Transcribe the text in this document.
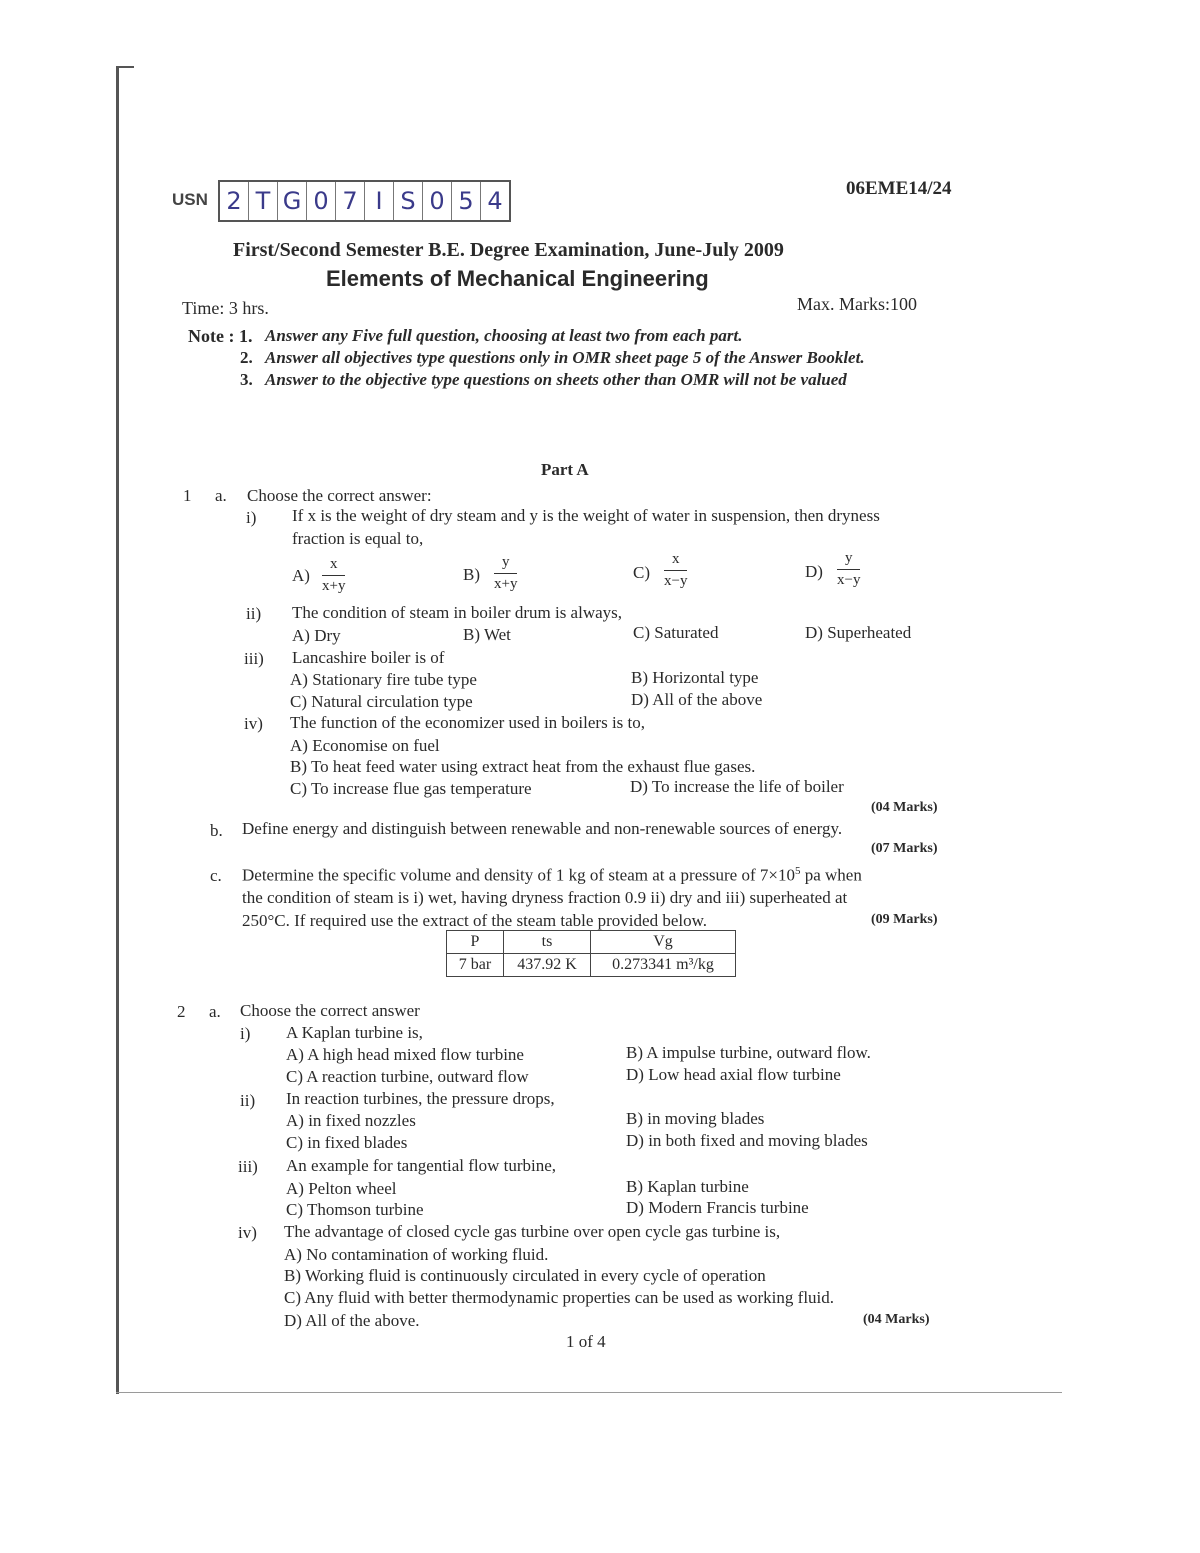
USN 2 T G 0 7 I S 0 5 4	06EME14/24
First/Second Semester B.E. Degree Examination, June-July 2009
Elements of Mechanical Engineering
Time: 3 hrs.	Max. Marks:100
Note : 1. Answer any Five full question, choosing at least two from each part.
2. Answer all objectives type questions only in OMR sheet page 5 of the Answer Booklet.
3. Answer to the objective type questions on sheets other than OMR will not be valued
Part A
1 a. Choose the correct answer:
i) If x is the weight of dry steam and y is the weight of water in suspension, then dryness
fraction is equal to,
A)
x
x+y
B)
y
x+y
C)
x
x−y	D)
y
x−y
ii) The condition of steam in boiler drum is always,
A) Dry	B) Wet	C) Saturated	D) Superheated
iii) Lancashire boiler is of
A) Stationary fire tube type	B) Horizontal type
C) Natural circulation type	D) All of the above
iv) The function of the economizer used in boilers is to,
A) Economise on fuel
B) To heat feed water using extract heat from the exhaust flue gases.
C) To increase flue gas temperature	D) To increase the life of boiler
(04 Marks)
b. Define energy and distinguish between renewable and non-renewable sources of energy.
(07 Marks)
c. Determine the specific volume and density of 1 kg of steam at a pressure of $7\times 10^5$ pa when
the condition of steam is i) wet, having dryness fraction 0.9 ii) dry and iii) superheated at
250°C. If required use the extract of the steam table provided below.	(09 Marks)
P	ts	Vg
7 bar	437.92 K	0.273341 m³/kg
2 a. Choose the correct answer
i) A Kaplan turbine is,
A) A high head mixed flow turbine	B) A impulse turbine, outward flow.
C) A reaction turbine, outward flow	D) Low head axial flow turbine
ii) In reaction turbines, the pressure drops,
A) in fixed nozzles	B) in moving blades
C) in fixed blades	D) in both fixed and moving blades
iii) An example for tangential flow turbine,
A) Pelton wheel	B) Kaplan turbine
C) Thomson turbine	D) Modern Francis turbine
iv) The advantage of closed cycle gas turbine over open cycle gas turbine is,
A) No contamination of working fluid.
B) Working fluid is continuously circulated in every cycle of operation
C) Any fluid with better thermodynamic properties can be used as working fluid.
D) All of the above.	(04 Marks)
1 of 4
